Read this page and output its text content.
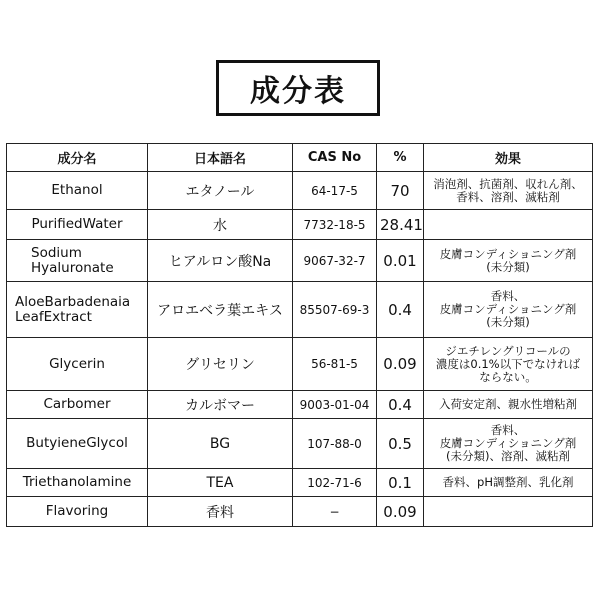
成分表
成分名	日本語名	CAS No	%	効果
Ethanol	エタノール	64-17-5	70	消泡剤、抗菌剤、収れん剤、
香料、溶剤、滅粘剤
PurifiedWater	水	7732-18-5	28.41	
Sodium
Hyaluronate	ヒアルロン酸Na	9067-32-7	0.01	皮膚コンディショニング剤
(未分類)
AloeBarbadenaia
LeafExtract	アロエベラ葉エキス	85507-69-3	0.4	香料、
皮膚コンディショニング剤
(未分類)
Glycerin	グリセリン	56-81-5	0.09	ジエチレングリコールの
濃度は0.1%以下でなければ
ならない。
Carbomer	カルボマー	9003-01-04	0.4	入荷安定剤、親水性増粘剤
ButyieneGlycol	BG	107-88-0	0.5	香料、
皮膚コンディショニング剤
(未分類)、溶剤、滅粘剤
Triethanolamine	TEA	102-71-6	0.1	香料、pH調整剤、乳化剤
Flavoring	香料	−	0.09	
